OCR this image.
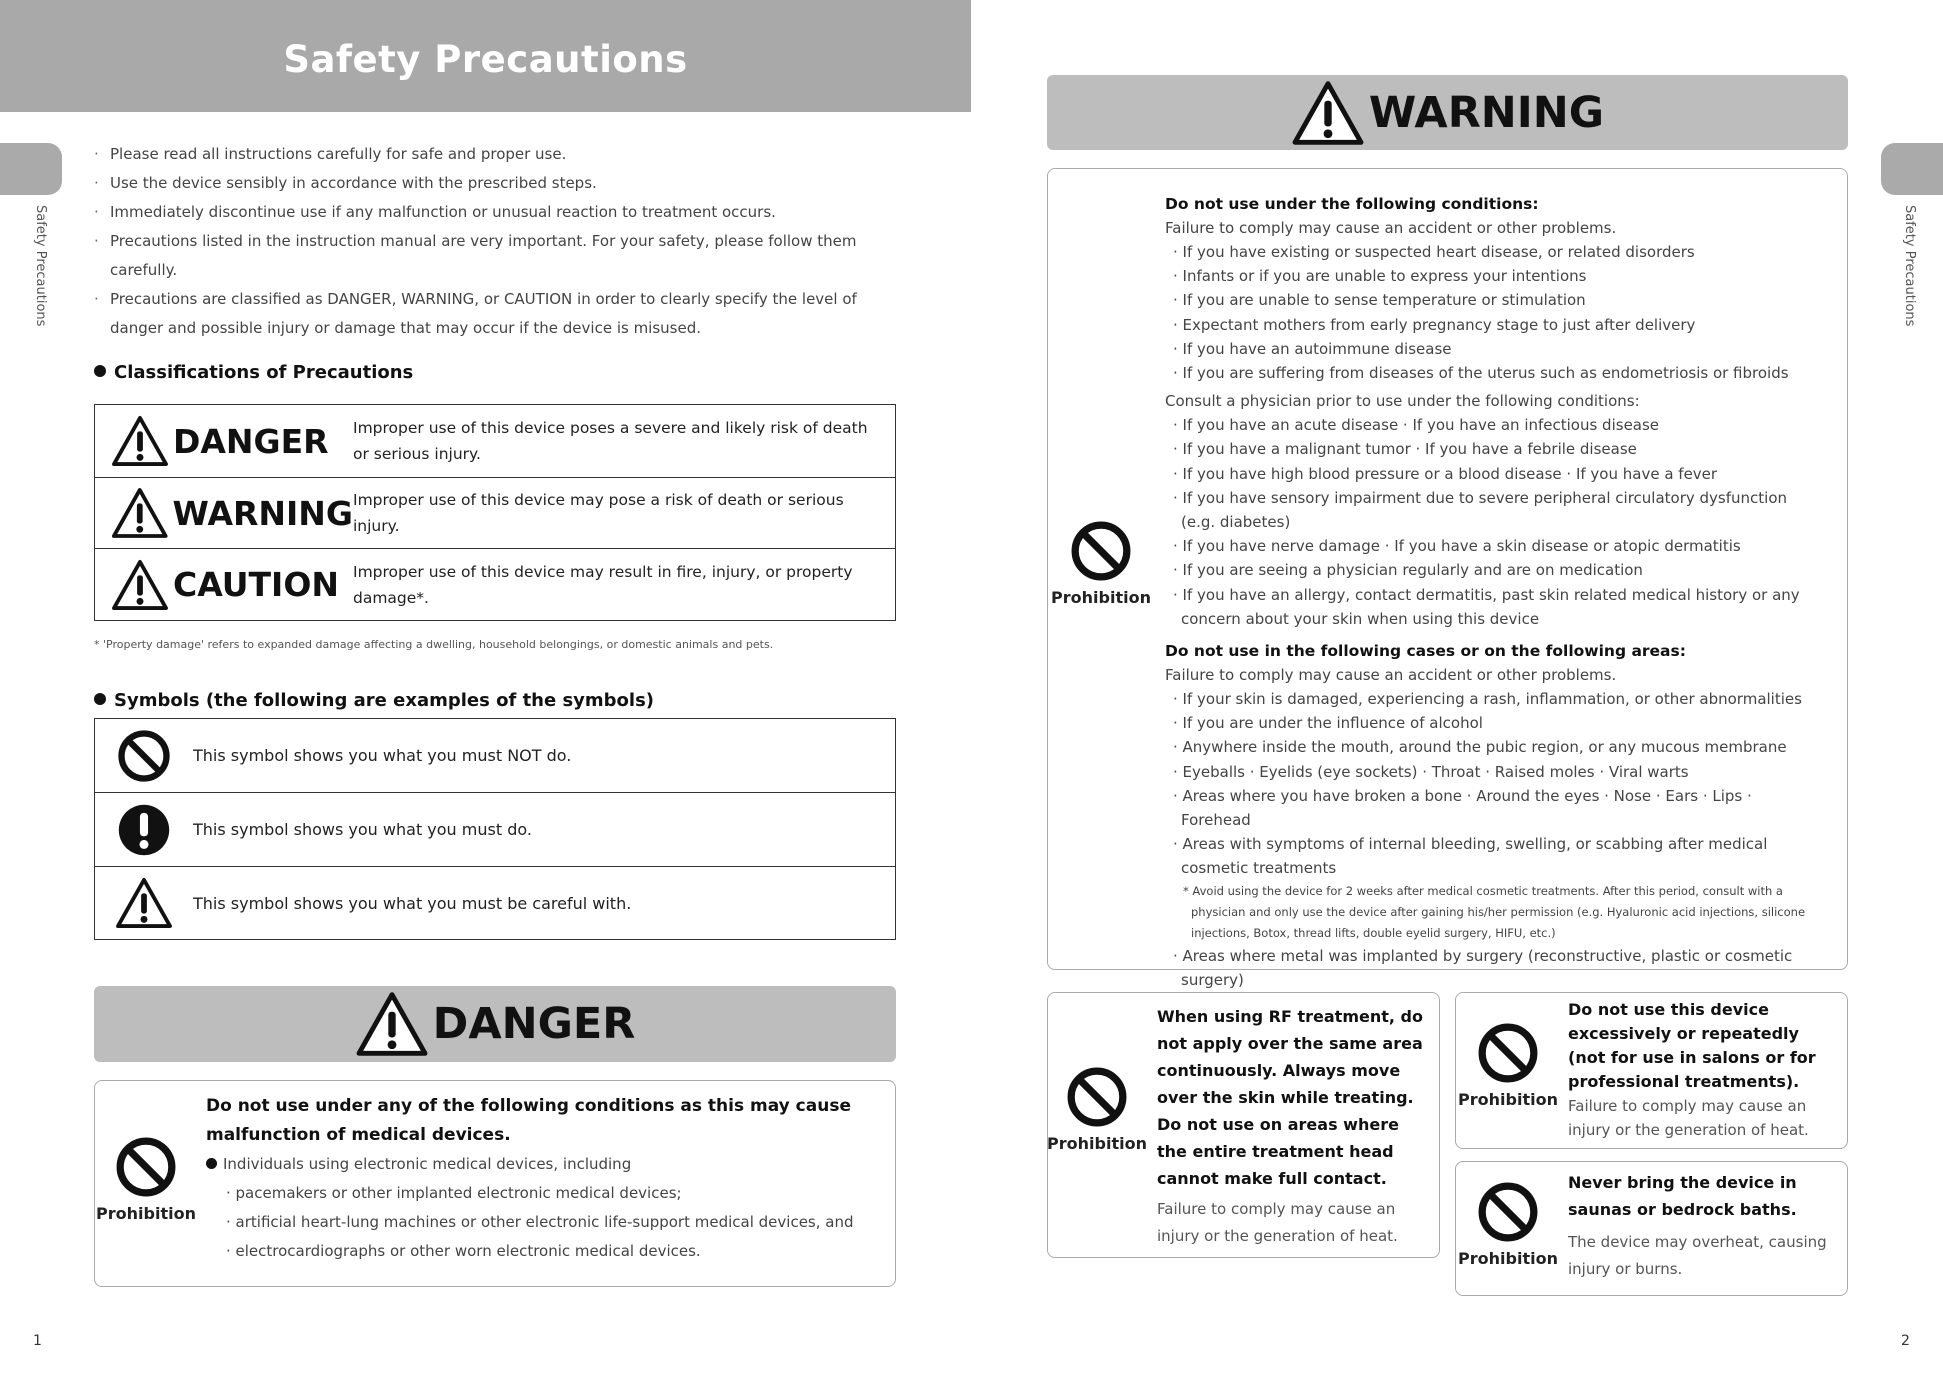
Safety Precautions
Safety Precautions
· Please read all instructions carefully for safe and proper use.
· Use the device sensibly in accordance with the prescribed steps.
· Immediately discontinue use if any malfunction or unusual reaction to treatment occurs.
· Precautions listed in the instruction manual are very important. For your safety, please follow them carefully.
· Precautions are classified as DANGER, WARNING, or CAUTION in order to clearly specify the level of danger and possible injury or damage that may occur if the device is misused.
Classifications of Precautions
DANGER Improper use of this device poses a severe and likely risk of death or serious injury.
WARNING Improper use of this device may pose a risk of death or serious injury.
CAUTION Improper use of this device may result in fire, injury, or property damage*.
* 'Property damage' refers to expanded damage affecting a dwelling, household belongings, or domestic animals and pets.
Symbols (the following are examples of the symbols)
This symbol shows you what you must NOT do.
This symbol shows you what you must do.
This symbol shows you what you must be careful with.
DANGER
Prohibition
Do not use under any of the following conditions as this may cause malfunction of medical devices.
Individuals using electronic medical devices, including
· pacemakers or other implanted electronic medical devices;
· artificial heart-lung machines or other electronic life-support medical devices, and
· electrocardiographs or other worn electronic medical devices.
1
Safety Precautions
WARNING
Prohibition
Do not use under the following conditions:
Failure to comply may cause an accident or other problems.
· If you have existing or suspected heart disease, or related disorders
· Infants or if you are unable to express your intentions
· If you are unable to sense temperature or stimulation
· Expectant mothers from early pregnancy stage to just after delivery
· If you have an autoimmune disease
· If you are suffering from diseases of the uterus such as endometriosis or fibroids
Consult a physician prior to use under the following conditions:
· If you have an acute disease · If you have an infectious disease
· If you have a malignant tumor · If you have a febrile disease
· If you have high blood pressure or a blood disease · If you have a fever
· If you have sensory impairment due to severe peripheral circulatory dysfunction (e.g. diabetes)
· If you have nerve damage · If you have a skin disease or atopic dermatitis
· If you are seeing a physician regularly and are on medication
· If you have an allergy, contact dermatitis, past skin related medical history or any concern about your skin when using this device
Do not use in the following cases or on the following areas:
Failure to comply may cause an accident or other problems.
· If your skin is damaged, experiencing a rash, inflammation, or other abnormalities
· If you are under the influence of alcohol
· Anywhere inside the mouth, around the pubic region, or any mucous membrane
· Eyeballs · Eyelids (eye sockets) · Throat · Raised moles · Viral warts
· Areas where you have broken a bone · Around the eyes · Nose · Ears · Lips · Forehead
· Areas with symptoms of internal bleeding, swelling, or scabbing after medical cosmetic treatments
* Avoid using the device for 2 weeks after medical cosmetic treatments. After this period, consult with a physician and only use the device after gaining his/her permission (e.g. Hyaluronic acid injections, silicone injections, Botox, thread lifts, double eyelid surgery, HIFU, etc.)
· Areas where metal was implanted by surgery (reconstructive, plastic or cosmetic surgery)
Prohibition
When using RF treatment, do not apply over the same area continuously. Always move over the skin while treating.
Do not use on areas where the entire treatment head cannot make full contact.
Failure to comply may cause an injury or the generation of heat.
Prohibition
Do not use this device excessively or repeatedly (not for use in salons or for professional treatments).
Failure to comply may cause an injury or the generation of heat.
Prohibition
Never bring the device in saunas or bedrock baths.
The device may overheat, causing injury or burns.
2
